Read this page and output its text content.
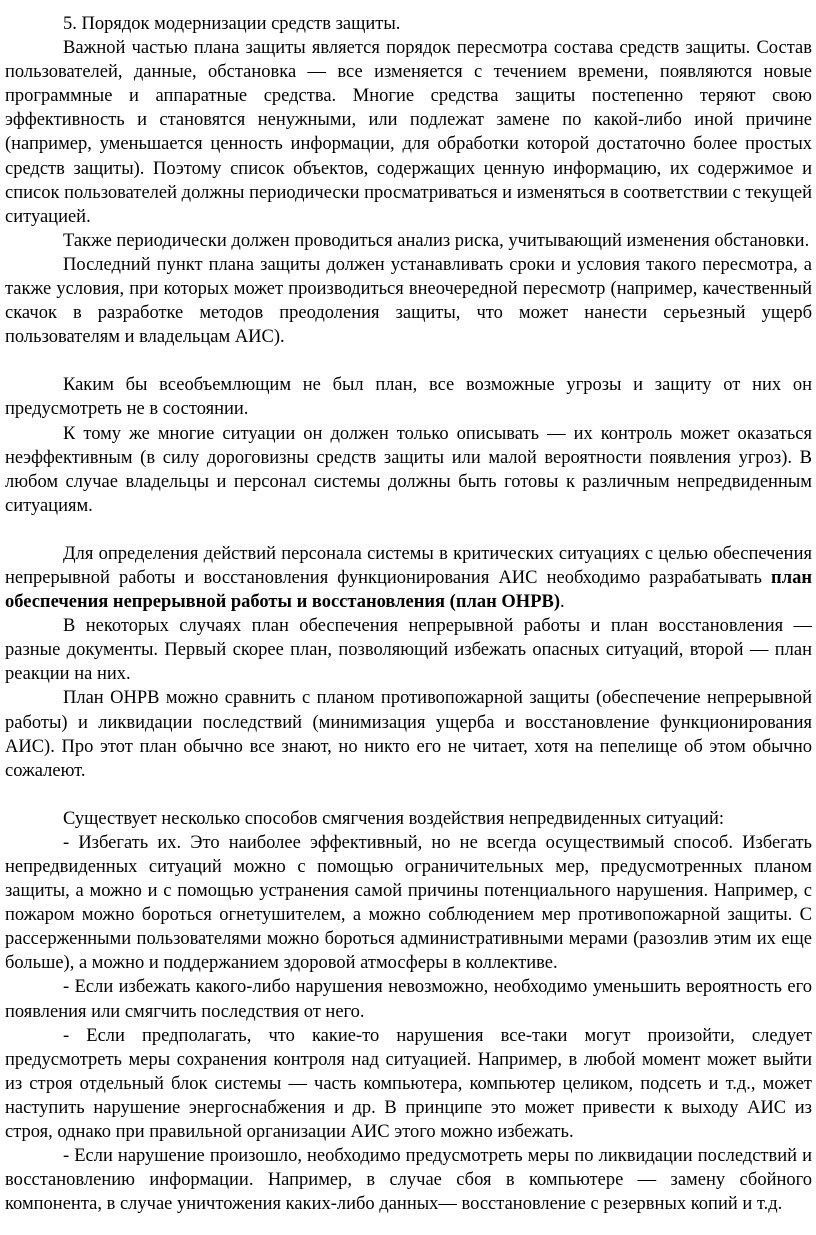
5. Порядок модернизации средств защиты.

Важной частью плана защиты является порядок пересмотра состава средств защиты. Состав пользователей, данные, обстановка — все изменяется с течением времени, появляются новые программные и аппаратные средства. Многие средства защиты постепенно теряют свою эффективность и становятся ненужными, или подлежат замене по какой-либо иной причине (например, уменьшается ценность информации, для обработки которой достаточно более простых средств защиты). Поэтому список объектов, содержащих ценную информацию, их содержимое и список пользователей должны периодически просматриваться и изменяться в соответствии с текущей ситуацией.

Также периодически должен проводиться анализ риска, учитывающий изменения обстановки.

Последний пункт плана защиты должен устанавливать сроки и условия такого пересмотра, а также условия, при которых может производиться внеочередной пересмотр (например, качественный скачок в разработке методов преодоления защиты, что может нанести серьезный ущерб пользователям и владельцам АИС).

Каким бы всеобъемлющим не был план, все возможные угрозы и защиту от них он предусмотреть не в состоянии.

К тому же многие ситуации он должен только описывать — их контроль может оказаться неэффективным (в силу дороговизны средств защиты или малой вероятности появления угроз). В любом случае владельцы и персонал системы должны быть готовы к различным непредвиденным ситуациям.

Для определения действий персонала системы в критических ситуациях с целью обеспечения непрерывной работы и восстановления функционирования АИС необходимо разрабатывать план обеспечения непрерывной работы и восстановления (план ОНРВ).

В некоторых случаях план обеспечения непрерывной работы и план восстановления — разные документы. Первый скорее план, позволяющий избежать опасных ситуаций, второй — план реакции на них.

План ОНРВ можно сравнить с планом противопожарной защиты (обеспечение непрерывной работы) и ликвидации последствий (минимизация ущерба и восстановление функционирования АИС). Про этот план обычно все знают, но никто его не читает, хотя на пепелище об этом обычно сожалеют.

Существует несколько способов смягчения воздействия непредвиденных ситуаций:

- Избегать их. Это наиболее эффективный, но не всегда осуществимый способ. Избегать непредвиденных ситуаций можно с помощью ограничительных мер, предусмотренных планом защиты, а можно и с помощью устранения самой причины потенциального нарушения. Например, с пожаром можно бороться огнетушителем, а можно соблюдением мер противопожарной защиты. С рассерженными пользователями можно бороться административными мерами (разозлив этим их еще больше), а можно и поддержанием здоровой атмосферы в коллективе.

- Если избежать какого-либо нарушения невозможно, необходимо уменьшить вероятность его появления или смягчить последствия от него.

- Если предполагать, что какие-то нарушения все-таки могут произойти, следует предусмотреть меры сохранения контроля над ситуацией. Например, в любой момент может выйти из строя отдельный блок системы — часть компьютера, компьютер целиком, подсеть и т.д., может наступить нарушение энергоснабжения и др. В принципе это может привести к выходу АИС из строя, однако при правильной организации АИС этого можно избежать.

- Если нарушение произошло, необходимо предусмотреть меры по ликвидации последствий и восстановлению информации. Например, в случае сбоя в компьютере — замену сбойного компонента, в случае уничтожения каких-либо данных— восстановление с резервных копий и т.д.
